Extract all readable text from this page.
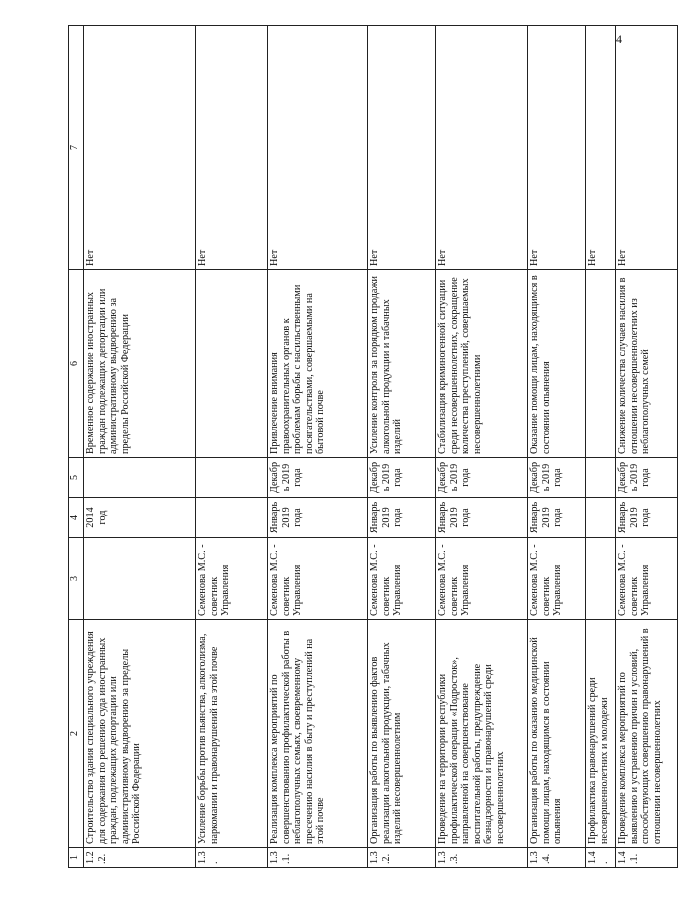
4
1	2	3	4	5	6	7
1.2.2.	Строительство здания специального учреждения для содержания по решению суда иностранных граждан, подлежащих депортации или административному выдворению за пределы Российской Федерации		2014 год		Временное содержание иностранных граждан подлежащих депортации или административному выдворению за пределы Российской Федерации	Нет
1.3.	Усиление борьбы против пьянства, алкоголизма, наркомании и правонарушений на этой почве	Семенова М.С. - советник Управления				Нет
1.3.1.	Реализация комплекса мероприятий по совершенствованию профилактической работы в неблагополучных семьях, своевременному пресечению насилия в быту и преступлений на этой почве	Семенова М.С. - советник Управления	Январь 2019 года	Декабрь 2019 года	Привлечение внимания правоохранительных органов к проблемам борьбы с насильственными посягательствами, совершаемыми на бытовой почве	Нет
1.3.2.	Организация работы по выявлению фактов реализации алкогольной продукции, табачных изделий несовершеннолетним	Семенова М.С. - советник Управления	Январь 2019 года	Декабрь 2019 года	Усиление контроля за порядком продажи алкогольной продукции и табачных изделий	Нет
1.3.3.	Проведение на территории республики профилактической операции «Подросток», направленной на совершенствование воспитательной работы, предупреждение безнадзорности и правонарушений среди несовершеннолетних	Семенова М.С. - советник Управления	Январь 2019 года	Декабрь 2019 года	Стабилизация криминогенной ситуации среди несовершеннолетних, сокращение количества преступлений, совершаемых несовершеннолетними	Нет
1.3.4.	Организация работы по оказанию медицинской помощи лицам, находящимся в состоянии опьянения	Семенова М.С. - советник Управления	Январь 2019 года	Декабрь 2019 года	Оказание помощи лицам, находящимся в состоянии опьянения	Нет
1.4.	Профилактика правонарушений среди несовершеннолетних и молодежи					Нет
1.4.1.	Проведение комплекса мероприятий по выявлению и устранению причин и условий, способствующих совершению правонарушений в отношении несовершеннолетних	Семенова М.С. - советник Управления	Январь 2019 года	Декабрь 2019 года	Снижение количества случаев насилия в отношении несовершеннолетних из неблагополучных семей	Нет
